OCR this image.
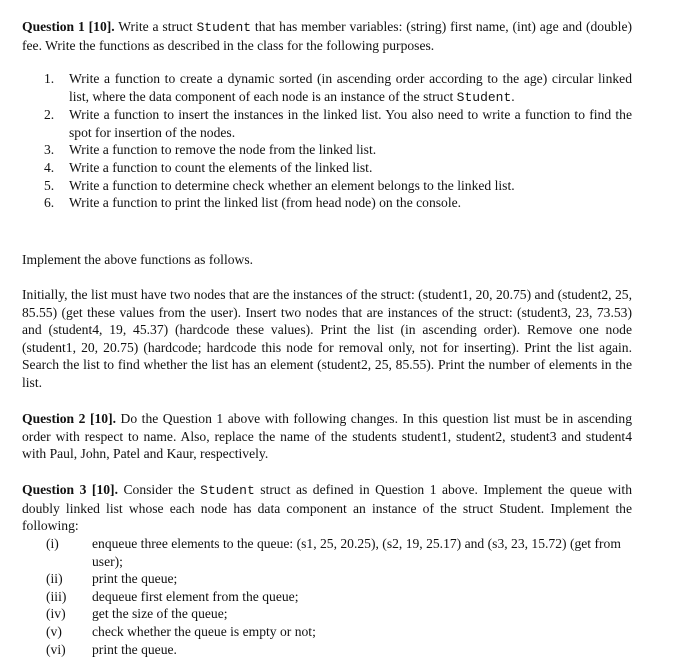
Question 1 [10]. Write a struct Student that has member variables: (string) first name, (int) age and (double) fee. Write the functions as described in the class for the following purposes.

1. Write a function to create a dynamic sorted (in ascending order according to the age) circular linked list, where the data component of each node is an instance of the struct Student.
2. Write a function to insert the instances in the linked list. You also need to write a function to find the spot for insertion of the nodes.
3. Write a function to remove the node from the linked list.
4. Write a function to count the elements of the linked list.
5. Write a function to determine check whether an element belongs to the linked list.
6. Write a function to print the linked list (from head node) on the console.

Implement the above functions as follows.

Initially, the list must have two nodes that are the instances of the struct: (student1, 20, 20.75) and (student2, 25, 85.55) (get these values from the user). Insert two nodes that are instances of the struct: (student3, 23, 73.53) and (student4, 19, 45.37) (hardcode these values). Print the list (in ascending order). Remove one node (student1, 20, 20.75) (hardcode; hardcode this node for removal only, not for inserting). Print the list again. Search the list to find whether the list has an element (student2, 25, 85.55). Print the number of elements in the list.

Question 2 [10]. Do the Question 1 above with following changes. In this question list must be in ascending order with respect to name. Also, replace the name of the students student1, student2, student3 and student4 with Paul, John, Patel and Kaur, respectively.

Question 3 [10]. Consider the Student struct as defined in Question 1 above. Implement the queue with doubly linked list whose each node has data component an instance of the struct Student. Implement the following:

(i) enqueue three elements to the queue: (s1, 25, 20.25), (s2, 19, 25.17) and (s3, 23, 15.72) (get from user);
(ii) print the queue;
(iii) dequeue first element from the queue;
(iv) get the size of the queue;
(v) check whether the queue is empty or not;
(vi) print the queue.
